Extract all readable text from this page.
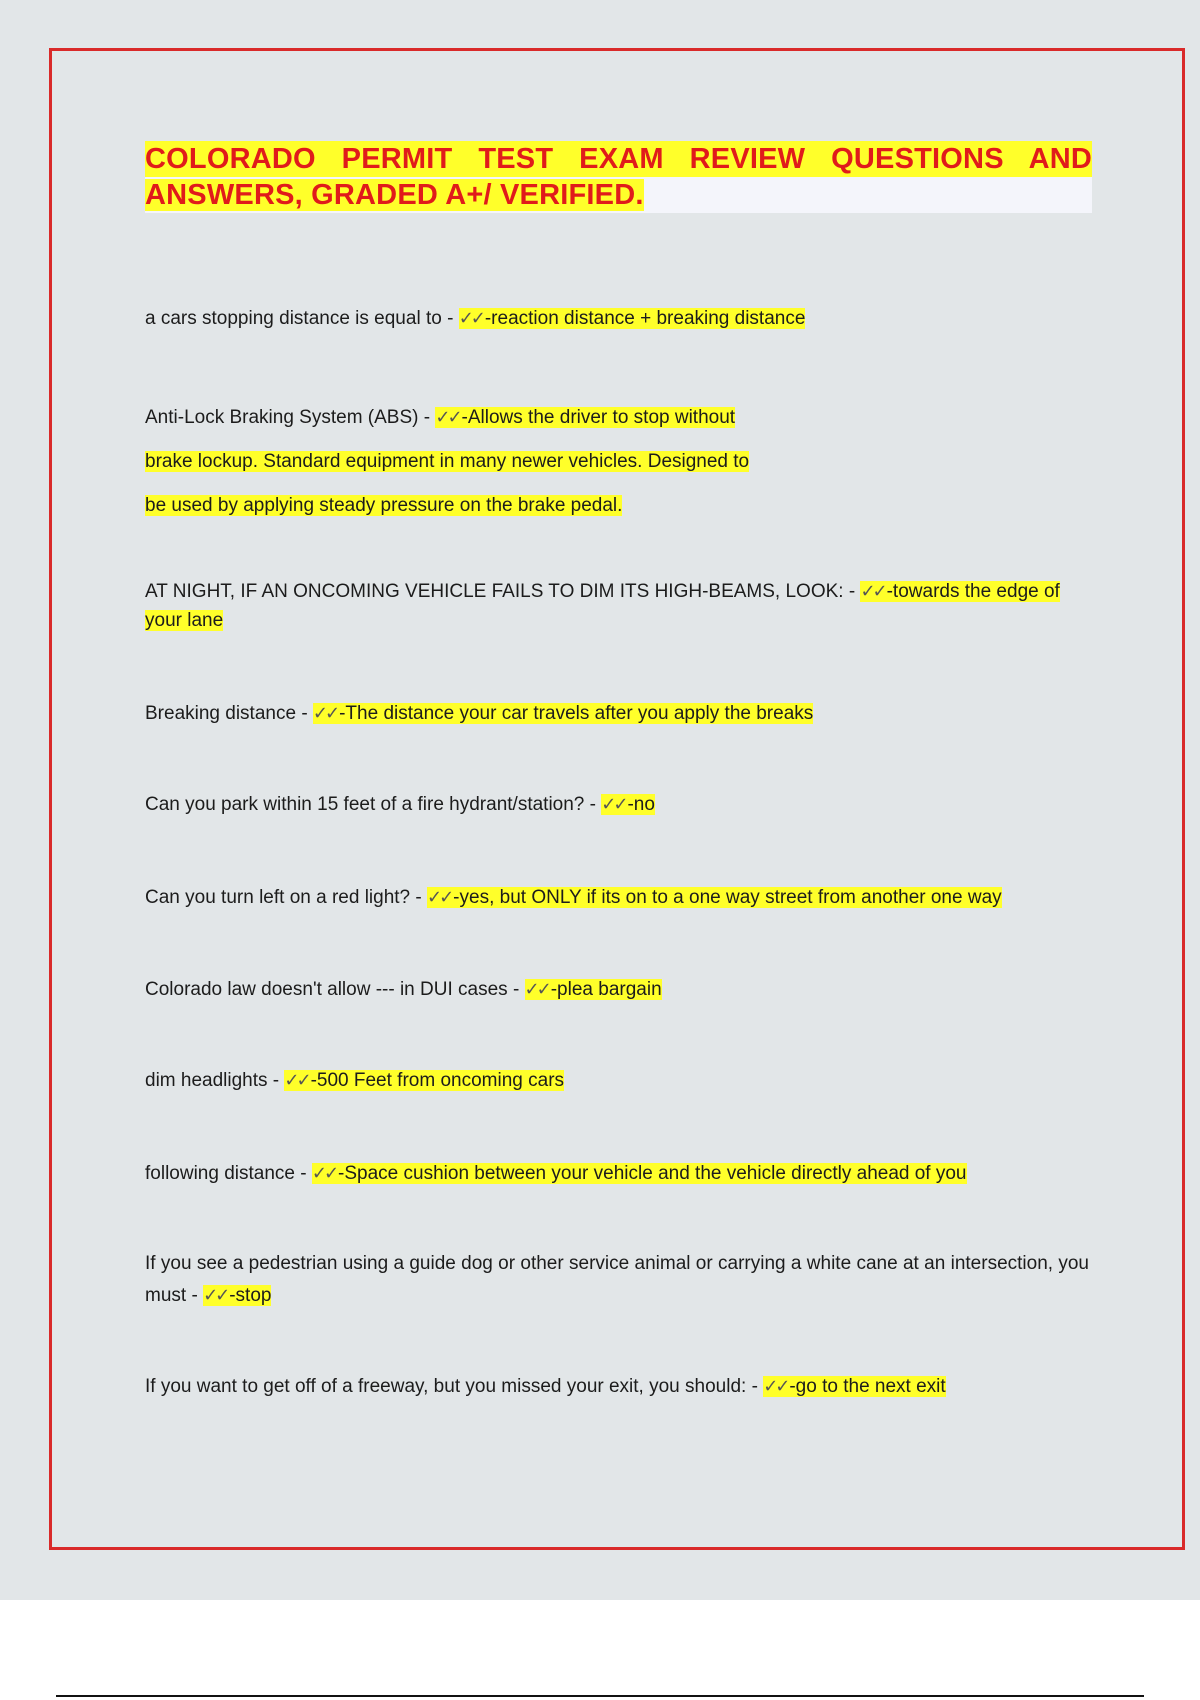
COLORADO PERMIT TEST EXAM REVIEW QUESTIONS AND
ANSWERS, GRADED A+/ VERIFIED.
a cars stopping distance is equal to - ✓✓ -reaction distance + breaking distance
Anti-Lock Braking System (ABS) - ✓✓ -Allows the driver to stop without
brake lockup. Standard equipment in many newer vehicles. Designed to
be used by applying steady pressure on the brake pedal.
AT NIGHT, IF AN ONCOMING VEHICLE FAILS TO DIM ITS HIGH-BEAMS, LOOK: - ✓✓ -towards the edge of
your lane
Breaking distance - ✓✓ -The distance your car travels after you apply the breaks
Can you park within 15 feet of a fire hydrant/station? - ✓✓ -no
Can you turn left on a red light? - ✓✓ -yes, but ONLY if its on to a one way street from another one way
Colorado law doesn't allow --- in DUI cases - ✓✓ -plea bargain
dim headlights - ✓✓ -500 Feet from oncoming cars
following distance - ✓✓ -Space cushion between your vehicle and the vehicle directly ahead of you
If you see a pedestrian using a guide dog or other service animal or carrying a white cane at an intersection, you must - ✓✓ -stop
If you want to get off of a freeway, but you missed your exit, you should: - ✓✓ -go to the next exit
